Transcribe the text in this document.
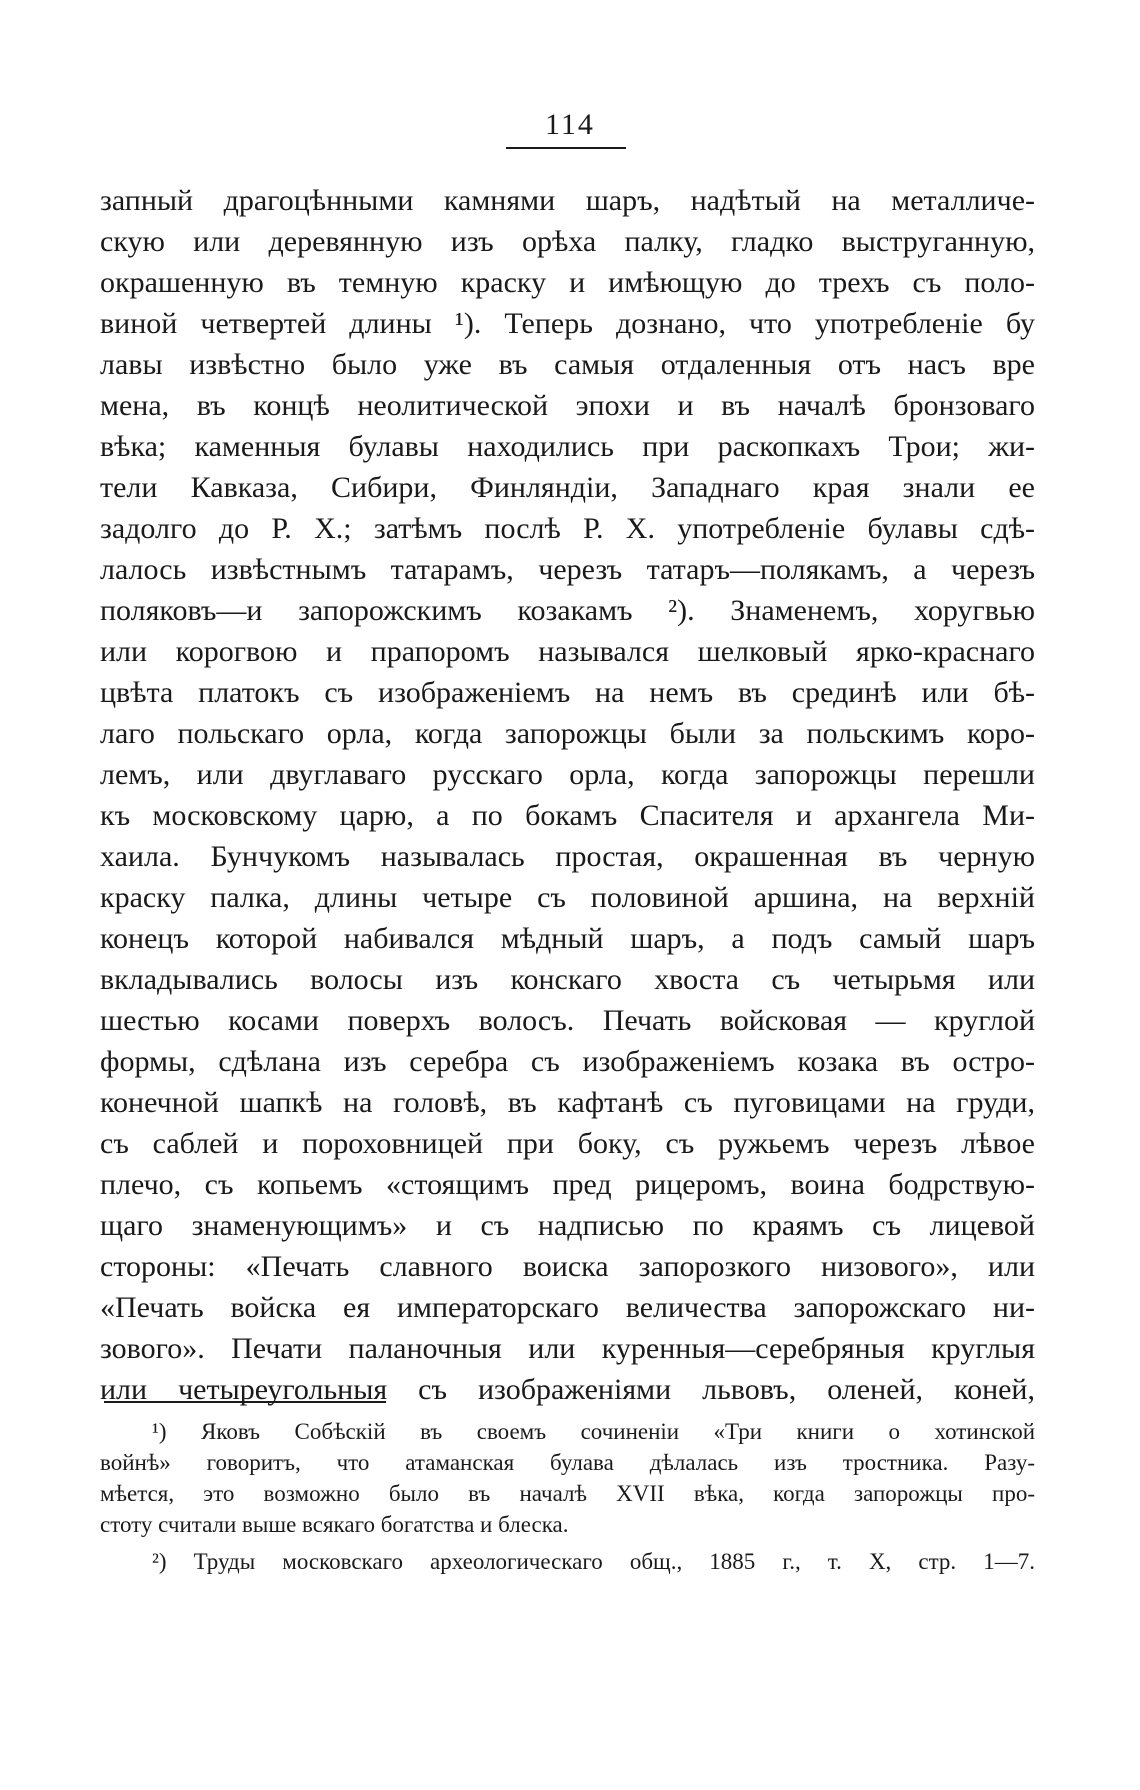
114
запный драгоцѣнными камнями шаръ, надѣтый на металличе-
скую или деревянную изъ орѣха палку, гладко выструганную,
окрашенную въ темную краску и имѣющую до трехъ съ поло-
виной четвертей длины ¹). Теперь дознано, что употребленіе бу
лавы извѣстно было уже въ самыя отдаленныя отъ насъ вре
мена, въ концѣ неолитической эпохи и въ началѣ бронзоваго
вѣка; каменныя булавы находились при раскопкахъ Трои; жи-
тели Кавказа, Сибири, Финляндіи, Западнаго края знали ее
задолго до Р. Х.; затѣмъ послѣ Р. Х. употребленіе булавы сдѣ-
лалось извѣстнымъ татарамъ, черезъ татаръ—полякамъ, а черезъ
поляковъ—и запорожскимъ козакамъ ²). Знаменемъ, хоругвью
или корогвою и прапоромъ назывался шелковый ярко-краснаго
цвѣта платокъ съ изображеніемъ на немъ въ срединѣ или бѣ-
лаго польскаго орла, когда запорожцы были за польскимъ коро-
лемъ, или двуглаваго русскаго орла, когда запорожцы перешли
къ московскому царю, а по бокамъ Спасителя и архангела Ми-
хаила. Бунчукомъ называлась простая, окрашенная въ черную
краску палка, длины четыре съ половиной аршина, на верхній
конецъ которой набивался мѣдный шаръ, а подъ самый шаръ
вкладывались волосы изъ конскаго хвоста съ четырьмя или
шестью косами поверхъ волосъ. Печать войсковая — круглой
формы, сдѣлана изъ серебра съ изображеніемъ козака въ остро-
конечной шапкѣ на головѣ, въ кафтанѣ съ пуговицами на груди,
съ саблей и пороховницей при боку, съ ружьемъ черезъ лѣвое
плечо, съ копьемъ «стоящимъ пред рицеромъ, воина бодрствую-
щаго знаменующимъ» и съ надписью по краямъ съ лицевой
стороны: «Печать славного воиска запорозкого низового», или
«Печать войска ея императорскаго величества запорожскаго ни-
зового». Печати паланочныя или куренныя—серебряныя круглыя
или четыреугольныя съ изображеніями львовъ, оленей, коней,
¹) Яковъ Собѣскій въ своемъ сочиненіи «Три книги о хотинской
войнѣ» говоритъ, что атаманская булава дѣлалась изъ тростника. Разу-
мѣется, это возможно было въ началѣ XVII вѣка, когда запорожцы про-
стоту считали выше всякаго богатства и блеска.
²) Труды московскаго археологическаго общ., 1885 г., т. X, стр. 1—7.
